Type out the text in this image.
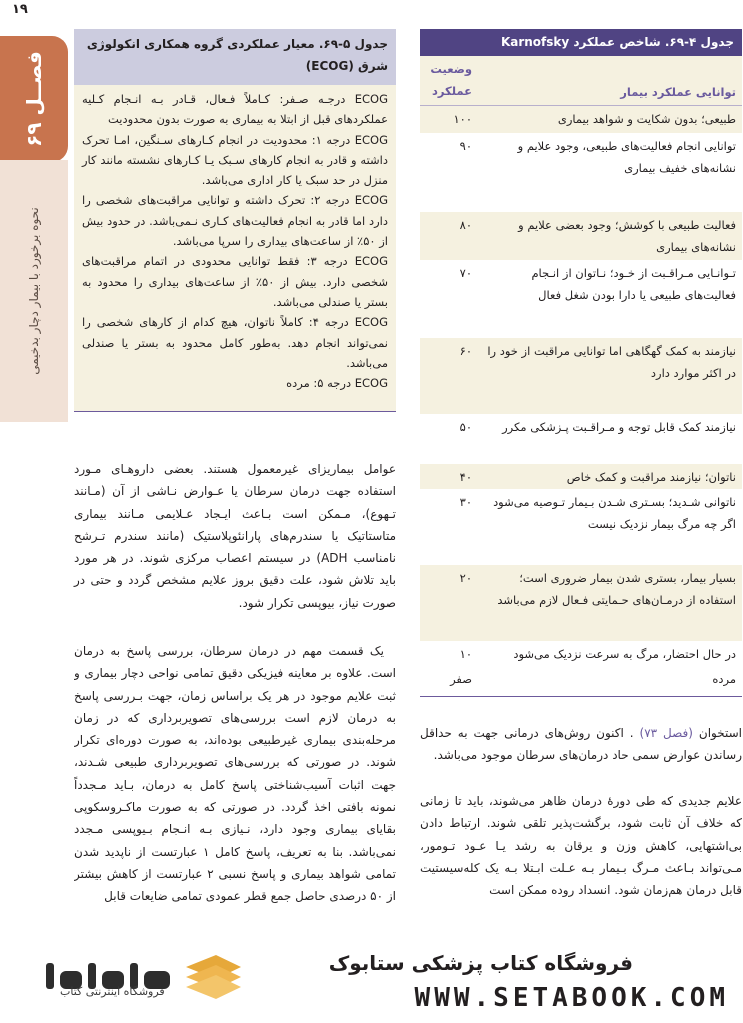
۱۹
فصــل ۶۹
نحوه برخورد با بیمار دچار بدخیمی
جدول ۵-۶۹. معیار عملکردی گروه همکاری انکولوژی شرق (ECOG)

ECOG درجـه صـفر: کـاملاً فـعال، قـادر بـه انـجام کـلیه عملکردهای قبل از ابتلا به بیماری به صورت بدون محدودیت

ECOG درجه ۱: محدودیت در انجام کـارهای سـنگین، امـا تحرک داشته و قادر به انجام کارهای سـبک یـا کـارهای نشسته مانند کار منزل در حد سبک یا کار اداری می‌باشد.

ECOG درجه ۲: تحرک داشته و توانایی مراقبت‌های شخصی را دارد اما قادر به انجام فعالیت‌های کـاری نـمی‌باشد. در حدود بیش از ۵۰٪ از ساعت‌های بیداری را سرپا می‌باشد.

ECOG درجه ۳: فقط توانایی محدودی در اتمام مراقبت‌های شخصی دارد. بیش از ۵۰٪ از ساعت‌های بیداری را محدود به بستر یا صندلی می‌باشد.

ECOG درجه ۴: کاملاً ناتوان، هیچ کدام از کارهای شخصی را نمی‌تواند انجام دهد. به‌طور کامل محدود به بستر یا صندلی می‌باشد.

ECOG درجه ۵: مرده

جدول ۴-۶۹. شاخص عملکرد Karnofsky
وضعیت عملکرد	توانایی عملکرد بیمار
۱۰۰	طبیعی؛ بدون شکایت و شواهد بیماری
۹۰	توانایی انجام فعالیت‌های طبیعی، وجود علایم و نشانه‌های خفیف بیماری
۸۰	فعالیت طبیعی با کوشش؛ وجود بعضی علایم و نشانه‌های بیماری
۷۰	تـوانـایی مـراقـبت از خـود؛ نـاتوان از انـجام فعالیت‌های طبیعی یا دارا بودن شغل فعال
۶۰	نیازمند به کمک گهگاهی اما توانایی مراقبت از خود را در اکثر موارد دارد
۵۰	نیازمند کمک قابل توجه و مـراقـبت پـزشکی مکرر
۴۰	ناتوان؛ نیازمند مراقبت و کمک خاص
۳۰	ناتوانی شـدید؛ بسـتری شـدن بـیمار تـوصیه می‌شود اگر چه مرگ بیمار نزدیک نیست
۲۰	بسیار بیمار، بستری شدن بیمار ضروری است؛ استفاده از درمـان‌های حـمایتی فـعال لازم می‌باشد
۱۰	در حال احتضار، مرگ به سرعت نزدیک می‌شود
صفر	مرده
عوامل بیماریزای غیرمعمول هستند. بعضی داروهـای مـورد استفاده جهت درمان سرطان یا عـوارض نـاشی از آن (مـانند تـهوع)، مـمکن است بـاعث ایـجاد عـلایمی مـانند بیماری متاستاتیک یا سندرم‌های پارانئوپلاستیک (مانند سندرم تـرشح نامناسب ADH) در سیستم اعصاب مرکزی شوند. در هر مورد باید تلاش شود، علت دقیق بروز علایم مشخص گردد و حتی در صورت نیاز، بیوپسی تکرار شود.
یک قسمت مهم در درمان سرطان، بررسی پاسخ به درمان است. علاوه بر معاینه فیزیکی دقیق تمامی نواحی دچار بیماری و ثبت علایم موجود در هر یک براساس زمان، جهت بـررسی پاسخ به درمان لازم است بررسی‌های تصویربرداری که در زمان مرحله‌بندی بیماری غیرطبیعی بوده‌اند، به صورت دوره‌ای تکرار شوند. در صورتی که بررسی‌های تصویربرداری طبیعی شـدند، جهت اثبات آسیب‌شناختی پاسخ کامل به درمان، بـاید مـجدداً نمونه بافتی اخذ گردد. در صورتی که به صورت ماکـروسکوپی بقایای بیماری وجود دارد، نـیازی بـه انـجام بـیوپسی مـجدد نمی‌باشد. بنا به تعریف، پاسخ کامل ۱ عبارتست از ناپدید شدن تمامی شواهد بیماری و پاسخ نسبی ۲ عبارتست از کاهش بیشتر از ۵۰ درصدی حاصل جمع قطر عمودی تمامی ضایعات قابل
استخوان (فصل ۷۳) . اکنون روش‌های درمانی جهت به حداقل رساندن عوارض سمی حاد درمان‌های سرطان موجود می‌باشد.
علایم جدیدی که طی دورهٔ درمان ظاهر می‌شوند، باید تا زمانی که خلاف آن ثابت شود، برگشت‌پذیر تلقی شوند. ارتباط دادن بی‌اشتهایی، کاهش وزن و یرقان به رشد یـا عـود تـومور، مـی‌تواند بـاعث مـرگ بـیمار بـه عـلت ابـتلا بـه یک کله‌سیستیت قابل درمان هم‌زمان شود. انسداد روده ممکن است
فروشگاه اینترنتی کتاب
فروشگاه کتاب پزشکی ستابوک
WWW.SETABOOK.COM
